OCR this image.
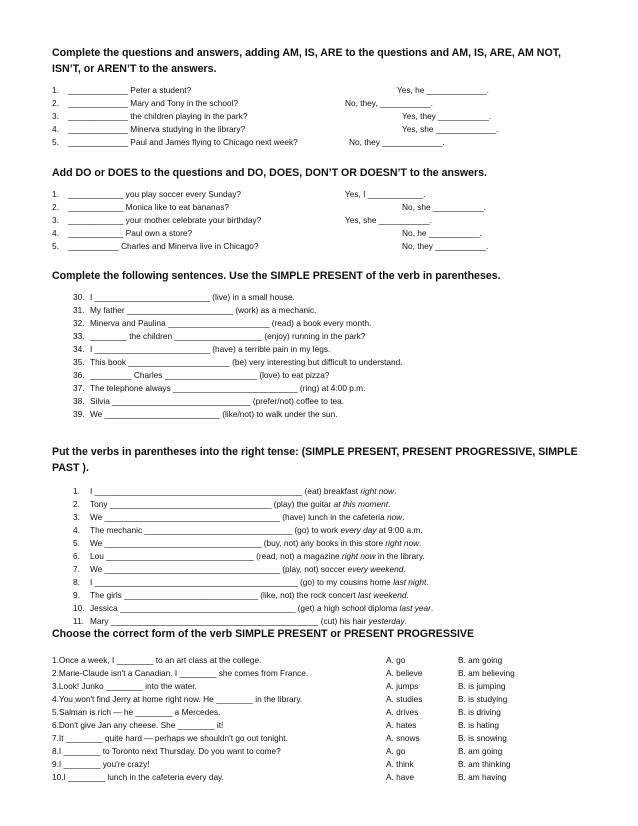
Complete the questions and answers, adding AM, IS, ARE to the questions and AM, IS, ARE, AM NOT, ISN’T, or AREN’T to the answers.
1. _____________ Peter a student?	Yes, he _____________.
2. _____________ Mary and Tony in the school?	No, they, ___________.
3. _____________ the children playing in the park?	Yes, they ___________.
4. _____________ Minerva studying in the library?	Yes, she _____________.
5. _____________ Paul and James flying to Chicago next week?	No, they _____________.
Add DO or DOES to the questions and DO, DOES, DON’T OR DOESN’T to the answers.
1. ____________ you play soccer every Sunday?	Yes, I ____________.
2. ____________ Monica like to eat bananas?	No, she ___________.
3. ____________ your mother celebrate your birthday?	Yes, she ___________.
4. ____________ Paul own a store?	No, he ___________.
5. ___________ Charles and Minerva live in Chicago?	No, they ___________.
Complete the following sentences. Use the SIMPLE PRESENT of the verb in parentheses.
30. I _________________________ (live) in a small house.
31. My father _______________________ (work) as a mechanic.
32. Minerva and Paulina ______________________ (read) a book every month.
33. ________ the children ___________________ (enjoy) running in the park?
34. I _________________________ (have) a terrible pain in my legs.
35. This book ______________________ (be) very interesting but difficult to understand.
36. _________ Charles ____________________ (love) to eat pizza?
37. The telephone always ___________________________ (ring) at 4:00 p.m.
38. Silvia ______________________________ (prefer/not) coffee to tea.
39. We _________________________ (like/not) to walk under the sun.
Put the verbs in parentheses into the right tense: (SIMPLE PRESENT, PRESENT PROGRESSIVE, SIMPLE PAST ).
1. I _____________________________________________ (eat) breakfast right now.
2. Tony ___________________________________ (play) the guitar at this moment.
3. We ______________________________________ (have) lunch in the cafeteria now.
4. The mechanic ________________________________ (go) to work every day at 9:00 a.m.
5. We __________________________________ (buy, not) any books in this store right now.
6. Lou ________________________________ (read, not) a magazine right now in the library.
7. We ______________________________________ (play, not) soccer every weekend.
8. I ____________________________________________ (go) to my cousins home last night.
9. The girls _____________________________ (like, not) the rock concert last weekend.
10. Jessica ______________________________________ (get) a high school diploma last year.
11. Mary _____________________________________________ (cut) his hair yesterday.
Choose the correct form of the verb SIMPLE PRESENT or PRESENT PROGRESSIVE
1.Once a week, I ________ to an art class at the college.	A. go	B. am going
2.Marie-Claude isn't a Canadian. I ________ she comes from France.	A. believe	B. am believing
3.Look! Junko ________ into the water.	A. jumps	B. is jumping
4.You won't find Jerry at home right now. He ________ in the library.	A. studies	B. is studying
5.Salman is rich — he ________ a Mercedes.	A. drives	B. is driving
6.Don't give Jan any cheese. She ________ it!	A. hates	B. is hating
7.It ________ quite hard — perhaps we shouldn't go out tonight.	A. snows	B. is snowing
8.I ________ to Toronto next Thursday. Do you want to come?	A. go	B. am going
9.I ________ you're crazy!	A. think	B. am thinking
10.I ________ lunch in the cafeteria every day.	A. have	B. am having
